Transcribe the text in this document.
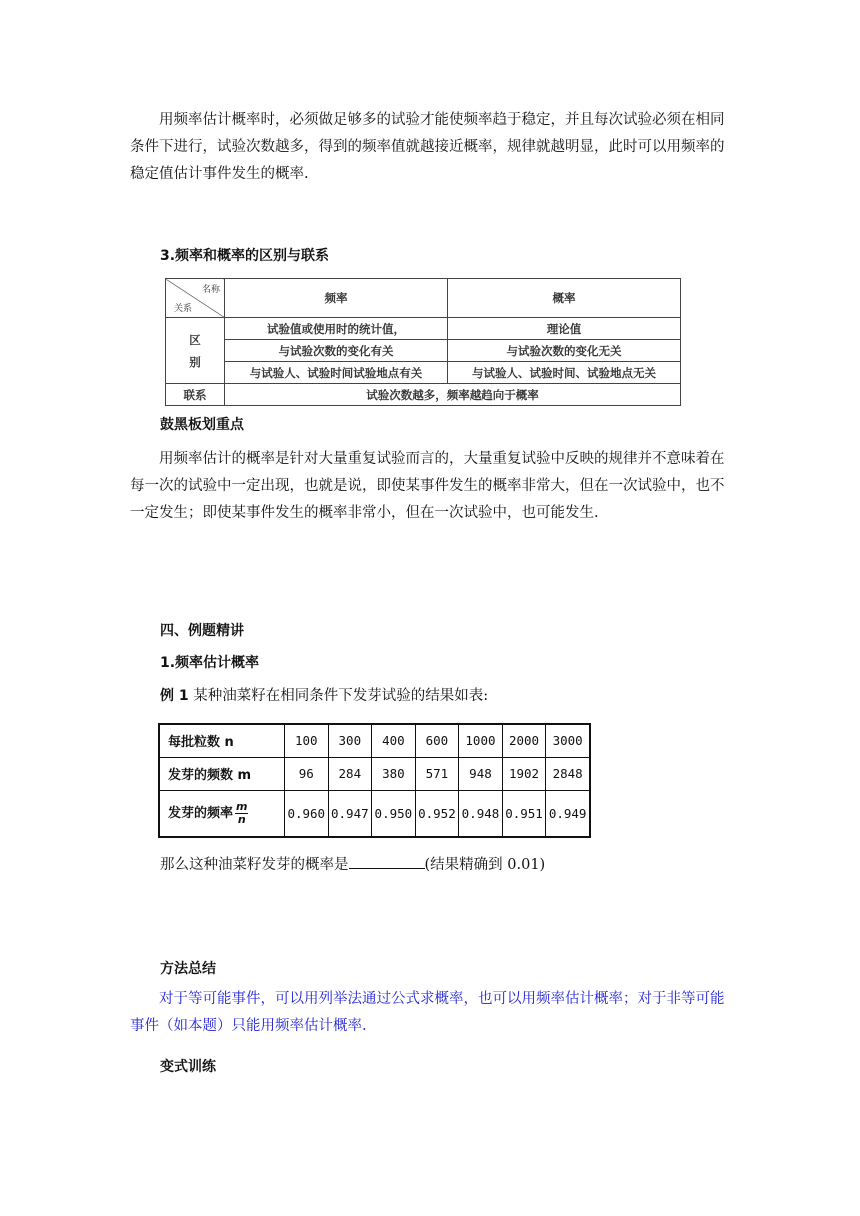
用频率估计概率时，必须做足够多的试验才能使频率趋于稳定，并且每次试验必须在相同条件下进行，试验次数越多，得到的频率值就越接近概率，规律就越明显，此时可以用频率的稳定值估计事件发生的概率.
3.频率和概率的区别与联系
名称
关系	频率	概率
区
别	试验值或使用时的统计值，	理论值
	与试验次数的变化有关	与试验次数的变化无关
	与试验人、试验时间试验地点有关	与试验人、试验时间、试验地点无关
联系	试验次数越多，频率越趋向于概率	
鼓黑板划重点
用频率估计的概率是针对大量重复试验而言的，大量重复试验中反映的规律并不意味着在每一次的试验中一定出现，也就是说，即使某事件发生的概率非常大，但在一次试验中，也不一定发生；即使某事件发生的概率非常小，但在一次试验中，也可能发生.
四、例题精讲
1.频率估计概率
例 1 某种油菜籽在相同条件下发芽试验的结果如表:
每批粒数 n	100	300	400	600	1000	2000	3000
发芽的频数 m	96	284	380	571	948	1902	2848
发芽的频率 $\frac{m}{n}$	0.960	0.947	0.950	0.952	0.948	0.951	0.949
那么这种油菜籽发芽的概率是	(结果精确到 0.01)
方法总结
对于等可能事件，可以用列举法通过公式求概率，也可以用频率估计概率；对于非等可能事件（如本题）只能用频率估计概率.
变式训练
